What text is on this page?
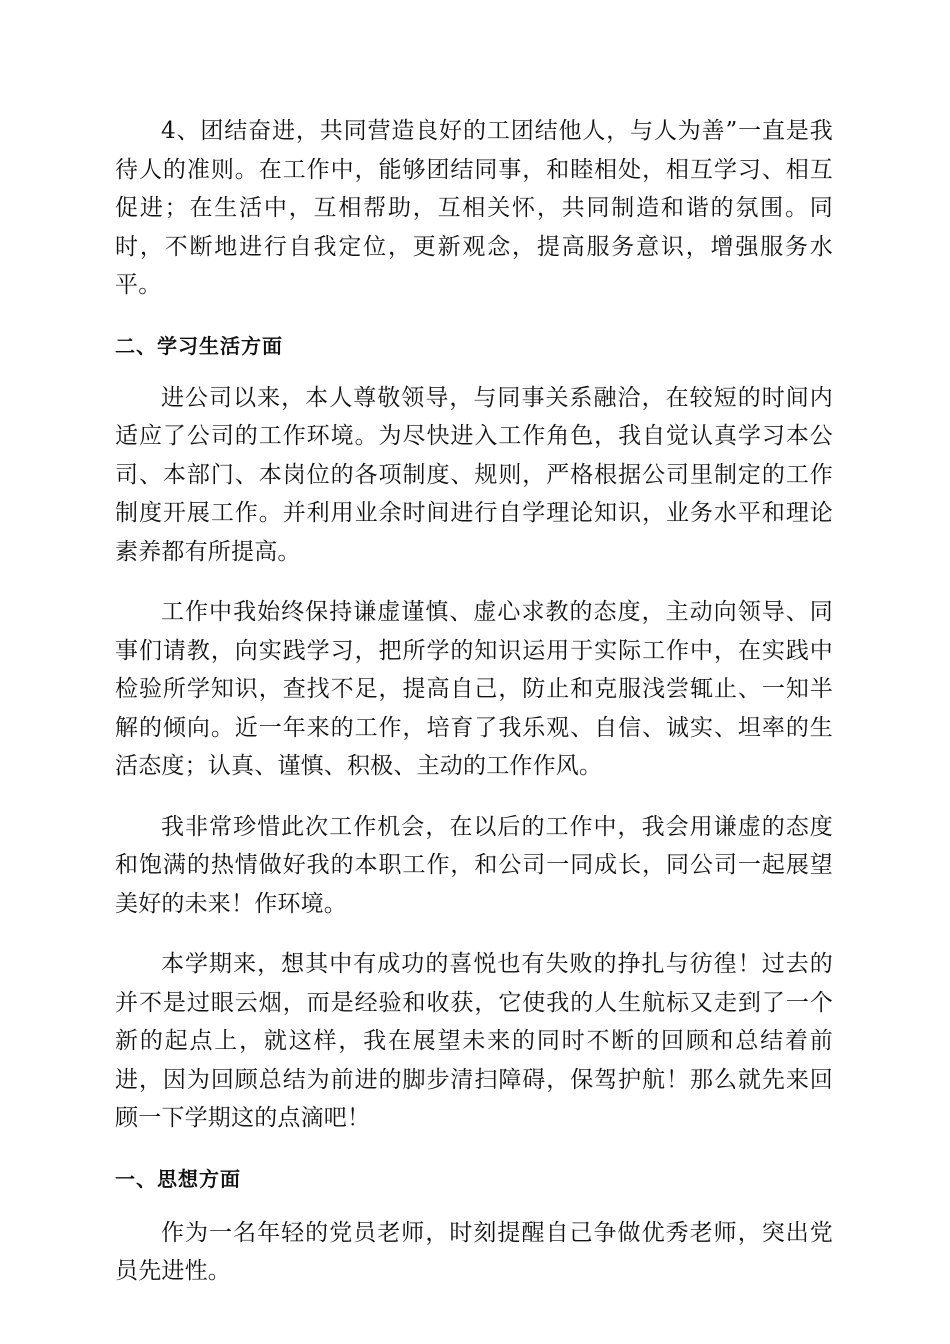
4、团结奋进，共同营造良好的工团结他人，与人为善”一直是我待人的准则。在工作中，能够团结同事，和睦相处，相互学习、相互促进；在生活中，互相帮助，互相关怀，共同制造和谐的氛围。同时，不断地进行自我定位，更新观念，提高服务意识，增强服务水平。

二、学习生活方面

进公司以来，本人尊敬领导，与同事关系融洽，在较短的时间内适应了公司的工作环境。为尽快进入工作角色，我自觉认真学习本公司、本部门、本岗位的各项制度、规则，严格根据公司里制定的工作制度开展工作。并利用业余时间进行自学理论知识，业务水平和理论素养都有所提高。

工作中我始终保持谦虚谨慎、虚心求教的态度，主动向领导、同事们请教，向实践学习，把所学的知识运用于实际工作中，在实践中检验所学知识，查找不足，提高自己，防止和克服浅尝辄止、一知半解的倾向。近一年来的工作，培育了我乐观、自信、诚实、坦率的生活态度；认真、谨慎、积极、主动的工作作风。

我非常珍惜此次工作机会，在以后的工作中，我会用谦虚的态度和饱满的热情做好我的本职工作，和公司一同成长，同公司一起展望美好的未来！作环境。

本学期来，想其中有成功的喜悦也有失败的挣扎与彷徨！过去的并不是过眼云烟，而是经验和收获，它使我的人生航标又走到了一个新的起点上，就这样，我在展望未来的同时不断的回顾和总结着前进，因为回顾总结为前进的脚步清扫障碍，保驾护航！那么就先来回顾一下学期这的点滴吧！

一、思想方面

作为一名年轻的党员老师，时刻提醒自己争做优秀老师，突出党员先进性。
